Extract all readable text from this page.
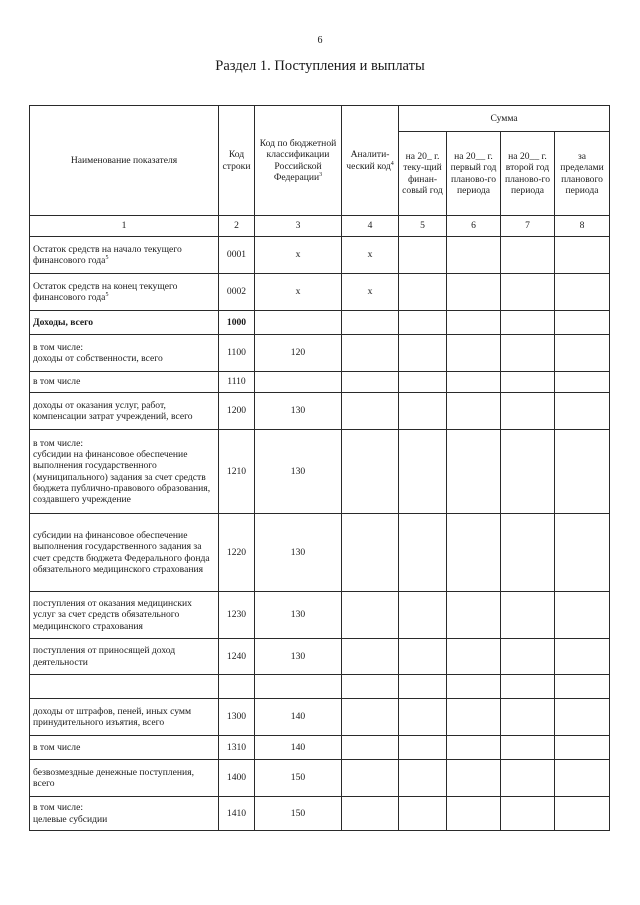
6
Раздел 1. Поступления и выплаты
Наименование показателя	Код строки	Код по бюджетной классификации Российской Федерации$^3$	Аналити-ческий код$^4$	Сумма			
				на 20_ г. теку-щий финан-совый год	на 20__ г. первый год планово-го периода	на 20__ г. второй год планово-го периода	за пределами планового периода
1	2	3	4	5	6	7	8
Остаток средств на начало текущего финансового года$^5$	0001	x	x				
Остаток средств на конец текущего финансового года$^5$	0002	x	x				
Доходы, всего	1000						
в том числе:
доходы от собственности, всего	1100	120					
в том числе	1110						
доходы от оказания услуг, работ, компенсации затрат учреждений, всего	1200	130					
в том числе:
субсидии на финансовое обеспечение выполнения государственного (муниципального) задания за счет средств бюджета публично-правового образования, создавшего учреждение	1210	130					
субсидии на финансовое обеспечение выполнения государственного задания за счет средств бюджета Федерального фонда обязательного медицинского страхования	1220	130					
поступления от оказания медицинских услуг за счет средств обязательного медицинского страхования	1230	130					
поступления от приносящей доход деятельности	1240	130					

доходы от штрафов, пеней, иных сумм принудительного изъятия, всего	1300	140					
в том числе	1310	140					
безвозмездные денежные поступления, всего	1400	150					
в том числе:
целевые субсидии	1410	150					
